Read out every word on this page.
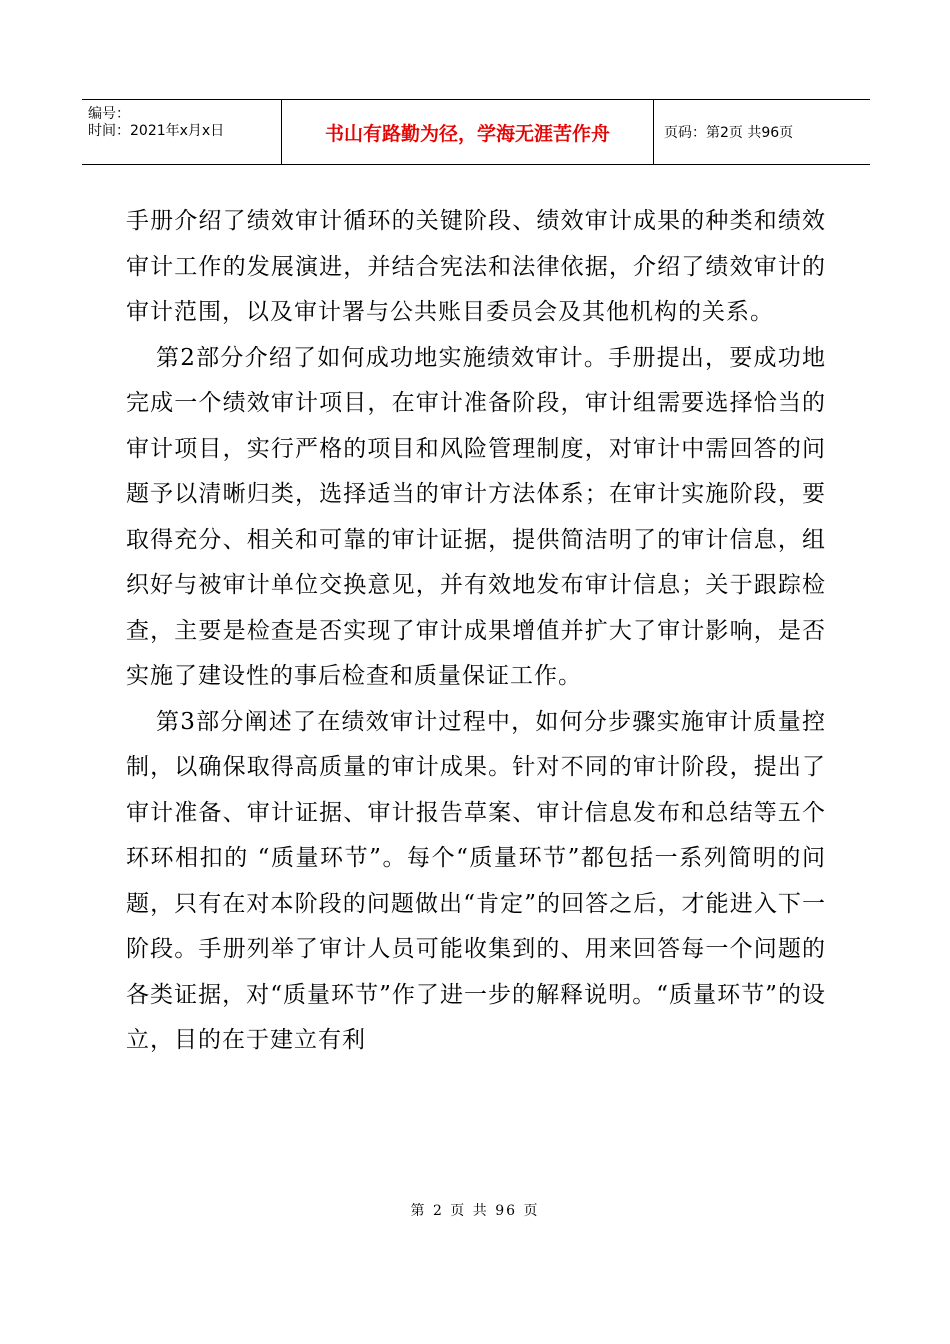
编号：
时间：2021年x月x日	书山有路勤为径，学海无涯苦作舟	页码：第2页 共96页

手册介绍了绩效审计循环的关键阶段、绩效审计成果的种类和绩效审计工作的发展演进，并结合宪法和法律依据，介绍了绩效审计的审计范围，以及审计署与公共账目委员会及其他机构的关系。

第2部分介绍了如何成功地实施绩效审计。手册提出，要成功地完成一个绩效审计项目，在审计准备阶段，审计组需要选择恰当的审计项目，实行严格的项目和风险管理制度，对审计中需回答的问题予以清晰归类，选择适当的审计方法体系；在审计实施阶段，要取得充分、相关和可靠的审计证据，提供简洁明了的审计信息，组织好与被审计单位交换意见，并有效地发布审计信息；关于跟踪检查，主要是检查是否实现了审计成果增值并扩大了审计影响，是否实施了建设性的事后检查和质量保证工作。

第3部分阐述了在绩效审计过程中，如何分步骤实施审计质量控制，以确保取得高质量的审计成果。针对不同的审计阶段，提出了审计准备、审计证据、审计报告草案、审计信息发布和总结等五个环环相扣的 “质量环节”。每个“质量环节”都包括一系列简明的问题，只有在对本阶段的问题做出“肯定”的回答之后，才能进入下一阶段。手册列举了审计人员可能收集到的、用来回答每一个问题的各类证据，对“质量环节”作了进一步的解释说明。“质量环节”的设立，目的在于建立有利

第 2 页 共 96 页
